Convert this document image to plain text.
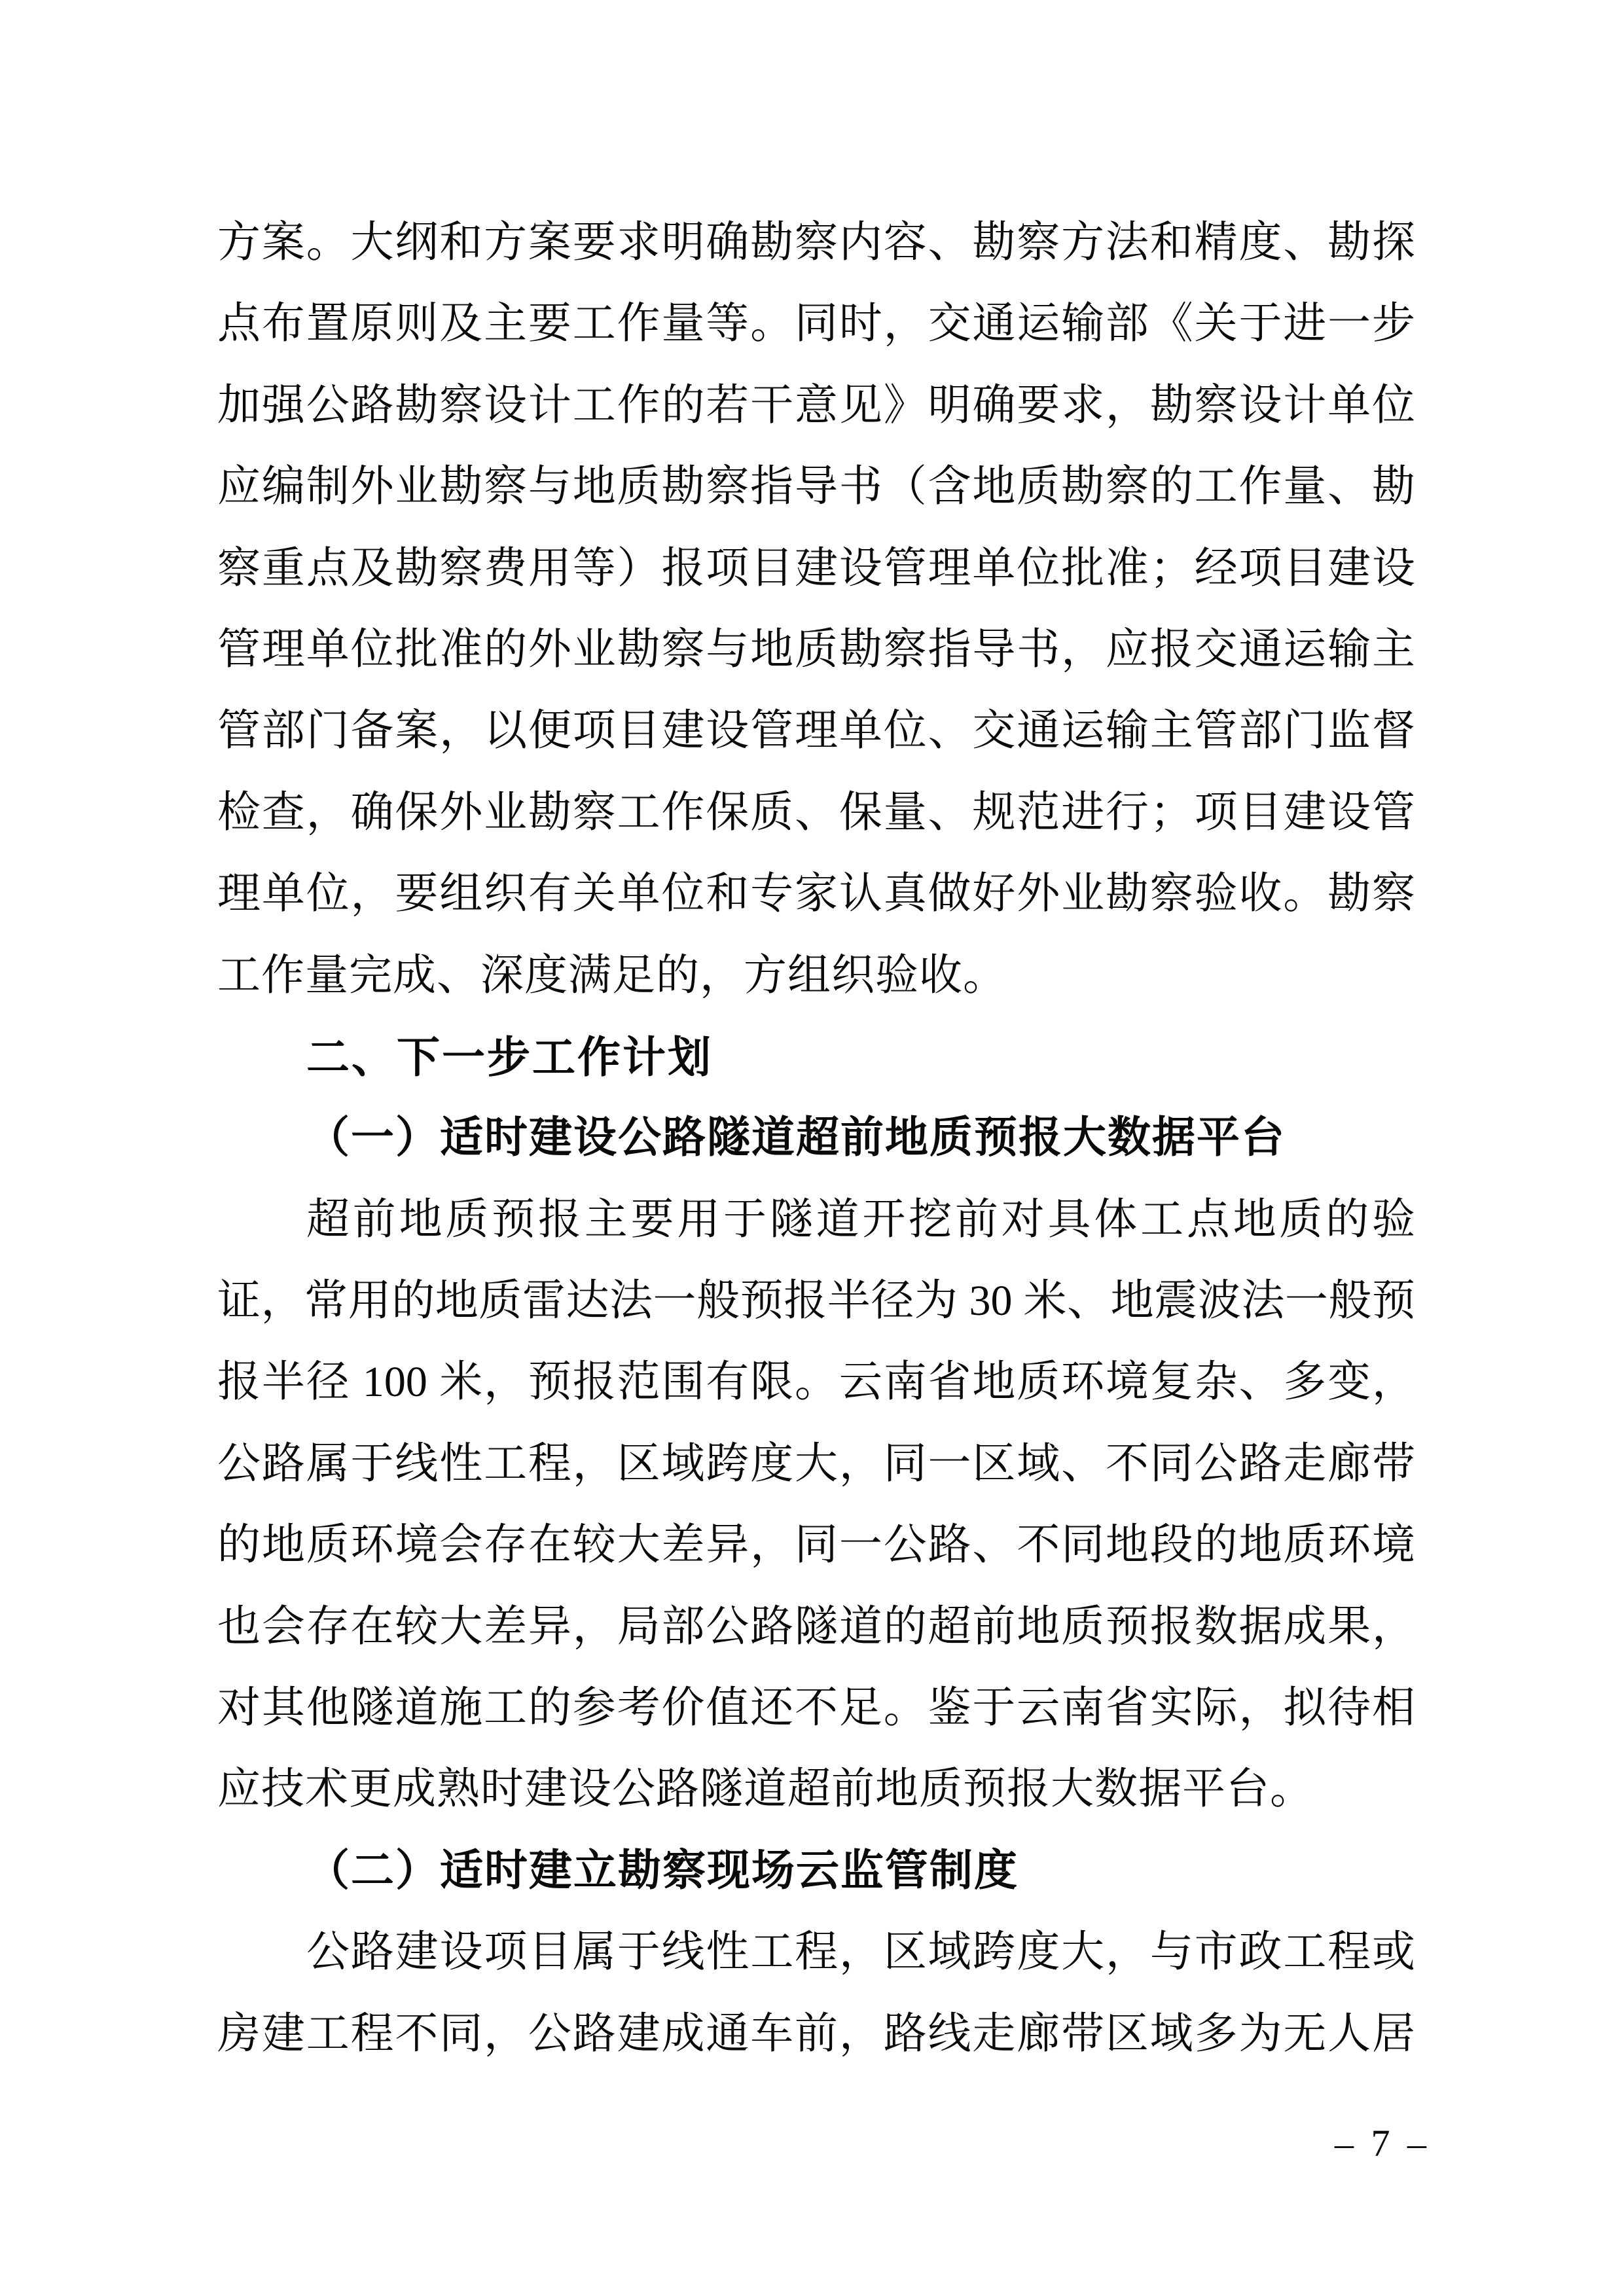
方案。大纲和方案要求明确勘察内容、勘察方法和精度、勘探
点布置原则及主要工作量等。同时，交通运输部《关于进一步
加强公路勘察设计工作的若干意见》明确要求，勘察设计单位
应编制外业勘察与地质勘察指导书（含地质勘察的工作量、勘
察重点及勘察费用等）报项目建设管理单位批准；经项目建设
管理单位批准的外业勘察与地质勘察指导书，应报交通运输主
管部门备案，以便项目建设管理单位、交通运输主管部门监督
检查，确保外业勘察工作保质、保量、规范进行；项目建设管
理单位，要组织有关单位和专家认真做好外业勘察验收。勘察
工作量完成、深度满足的，方组织验收。
二、下一步工作计划
（一）适时建设公路隧道超前地质预报大数据平台
超前地质预报主要用于隧道开挖前对具体工点地质的验
证，常用的地质雷达法一般预报半径为 30 米、地震波法一般预
报半径 100 米，预报范围有限。云南省地质环境复杂、多变，
公路属于线性工程，区域跨度大，同一区域、不同公路走廊带
的地质环境会存在较大差异，同一公路、不同地段的地质环境
也会存在较大差异，局部公路隧道的超前地质预报数据成果，
对其他隧道施工的参考价值还不足。鉴于云南省实际，拟待相
应技术更成熟时建设公路隧道超前地质预报大数据平台。
（二）适时建立勘察现场云监管制度
公路建设项目属于线性工程，区域跨度大，与市政工程或
房建工程不同，公路建成通车前，路线走廊带区域多为无人居
– 7 –
